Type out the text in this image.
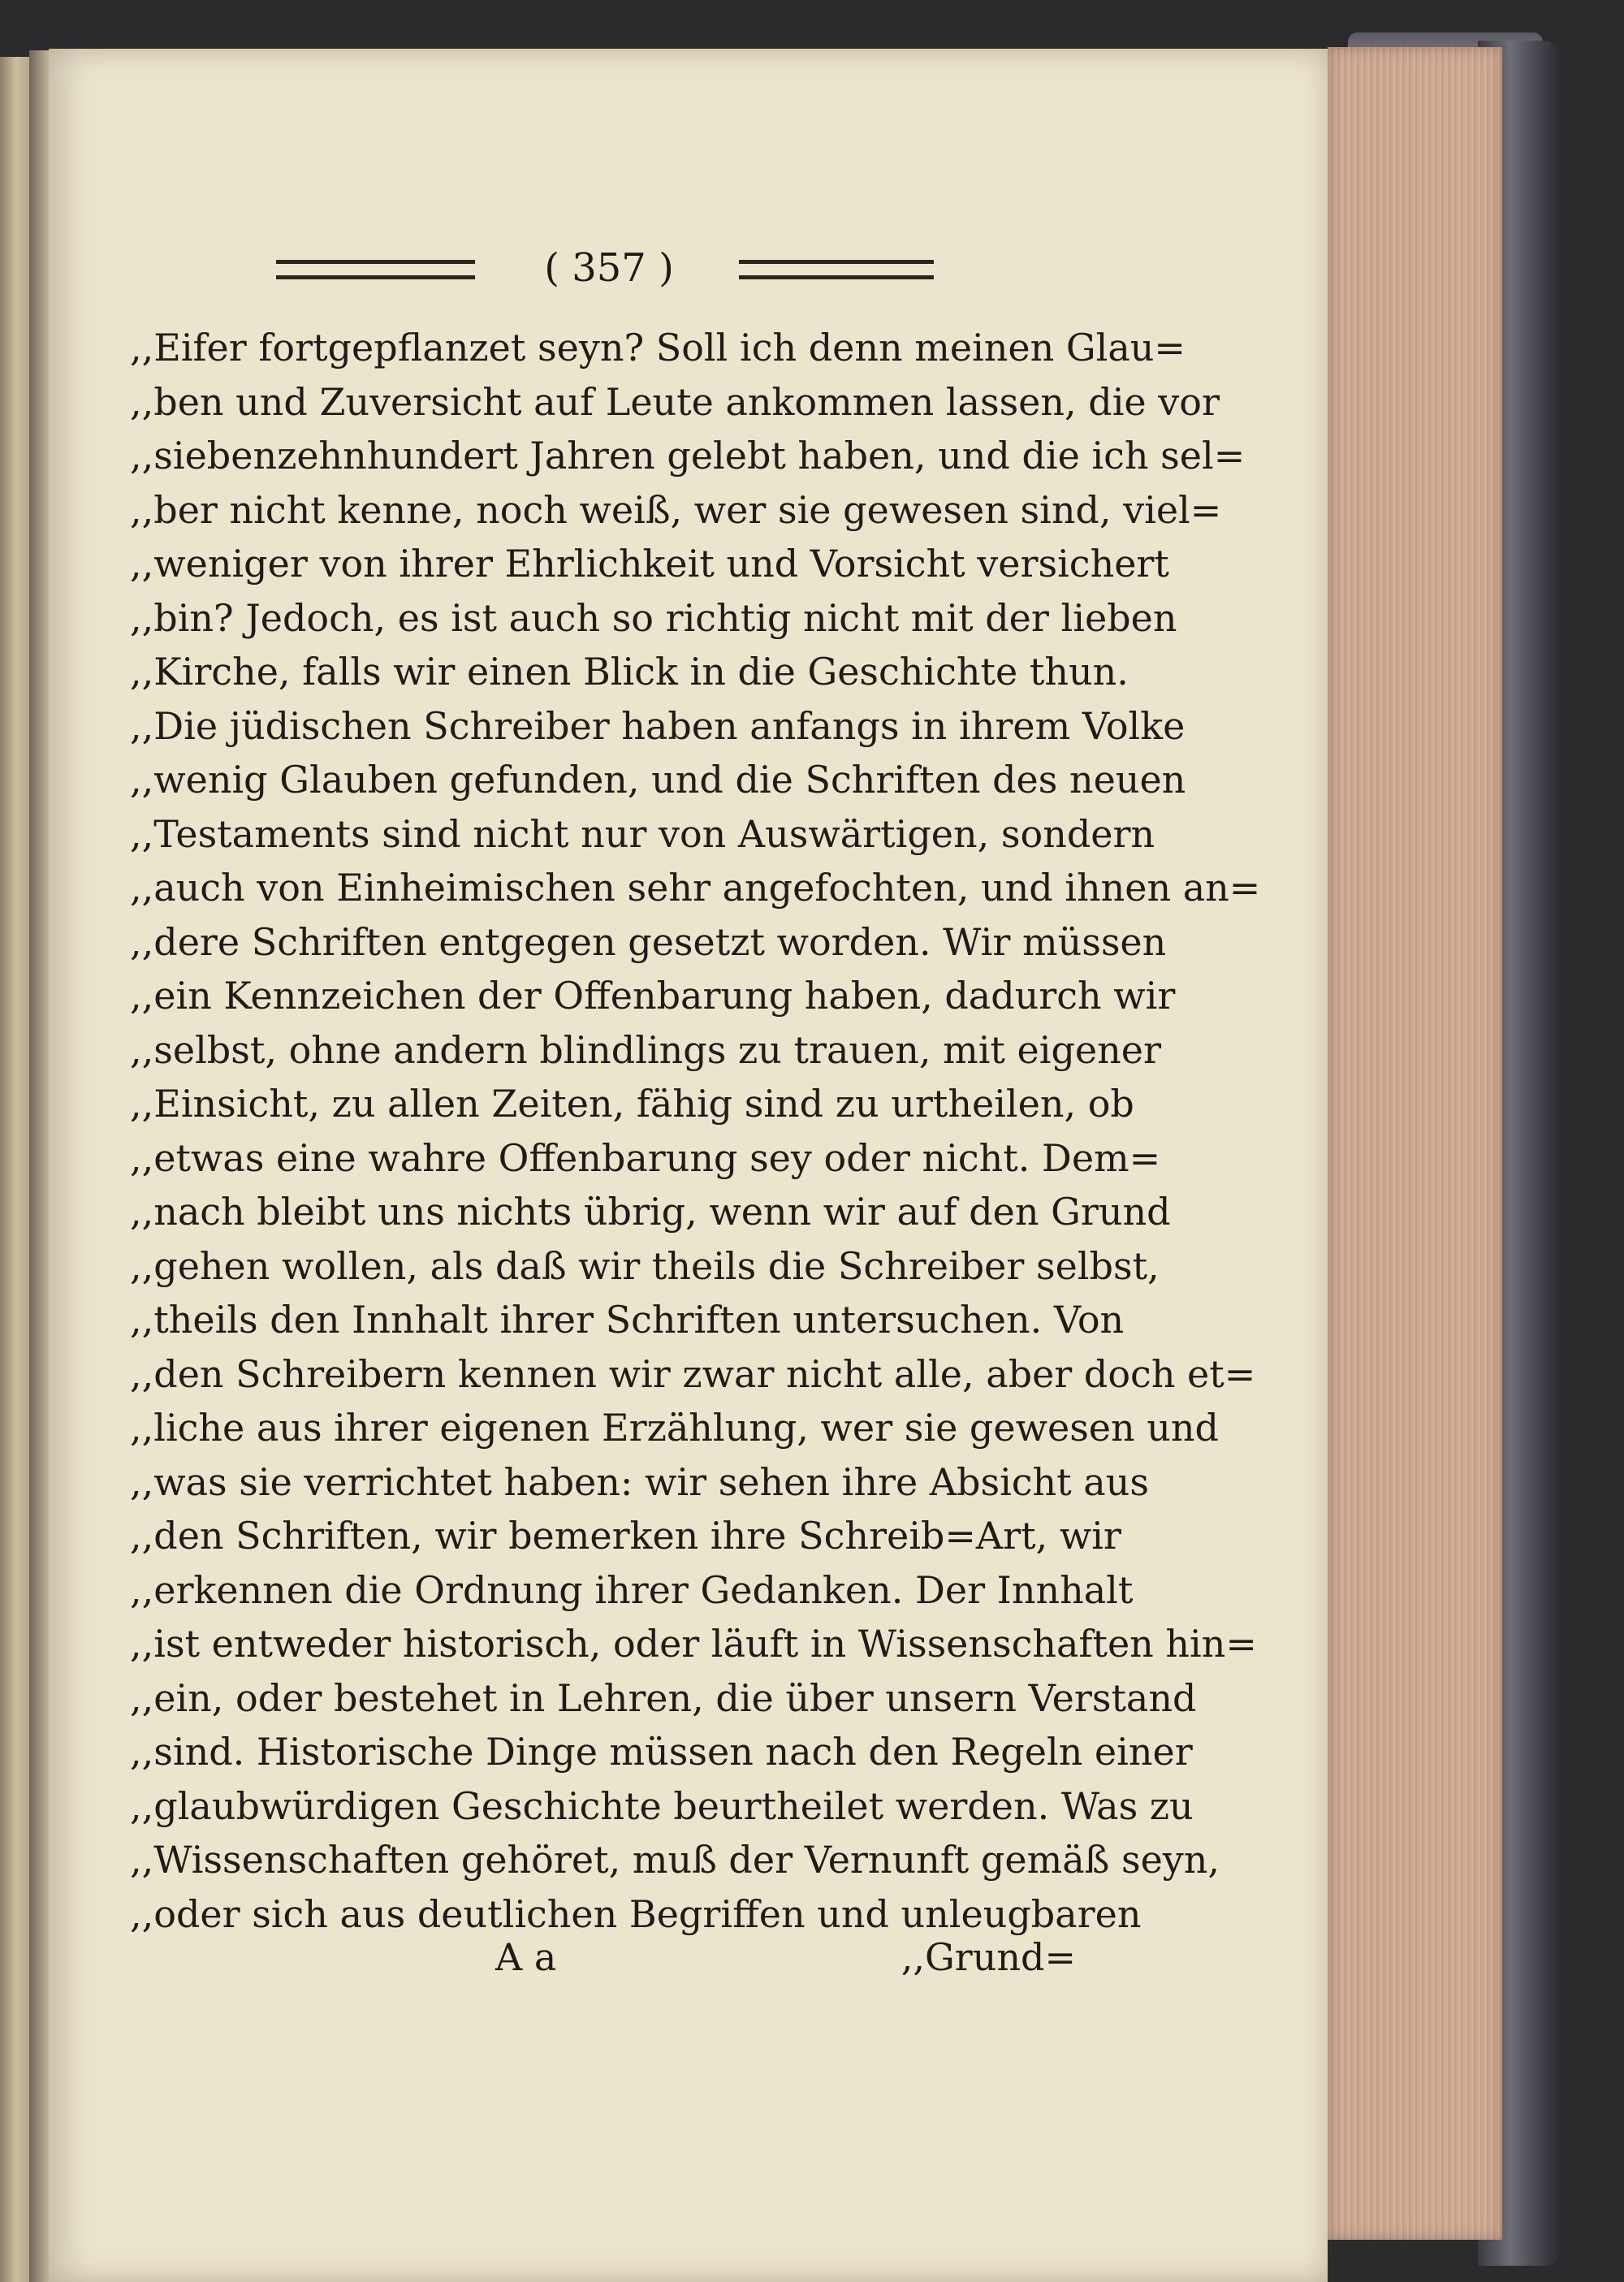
( 357 )
,,Eifer fortgepflanzet seyn? Soll ich denn meinen Glau=
,,ben und Zuversicht auf Leute ankommen lassen, die vor
,,siebenzehnhundert Jahren gelebt haben, und die ich sel=
,,ber nicht kenne, noch weiß, wer sie gewesen sind, viel=
,,weniger von ihrer Ehrlichkeit und Vorsicht versichert
,,bin? Jedoch, es ist auch so richtig nicht mit der lieben
,,Kirche, falls wir einen Blick in die Geschichte thun.
,,Die jüdischen Schreiber haben anfangs in ihrem Volke
,,wenig Glauben gefunden, und die Schriften des neuen
,,Testaments sind nicht nur von Auswärtigen, sondern
,,auch von Einheimischen sehr angefochten, und ihnen an=
,,dere Schriften entgegen gesetzt worden. Wir müssen
,,ein Kennzeichen der Offenbarung haben, dadurch wir
,,selbst, ohne andern blindlings zu trauen, mit eigener
,,Einsicht, zu allen Zeiten, fähig sind zu urtheilen, ob
,,etwas eine wahre Offenbarung sey oder nicht. Dem=
,,nach bleibt uns nichts übrig, wenn wir auf den Grund
,,gehen wollen, als daß wir theils die Schreiber selbst,
,,theils den Innhalt ihrer Schriften untersuchen. Von
,,den Schreibern kennen wir zwar nicht alle, aber doch et=
,,liche aus ihrer eigenen Erzählung, wer sie gewesen und
,,was sie verrichtet haben: wir sehen ihre Absicht aus
,,den Schriften, wir bemerken ihre Schreib=Art, wir
,,erkennen die Ordnung ihrer Gedanken. Der Innhalt
,,ist entweder historisch, oder läuft in Wissenschaften hin=
,,ein, oder bestehet in Lehren, die über unsern Verstand
,,sind. Historische Dinge müssen nach den Regeln einer
,,glaubwürdigen Geschichte beurtheilet werden. Was zu
,,Wissenschaften gehöret, muß der Vernunft gemäß seyn,
,,oder sich aus deutlichen Begriffen und unleugbaren
A a	,,Grund=
